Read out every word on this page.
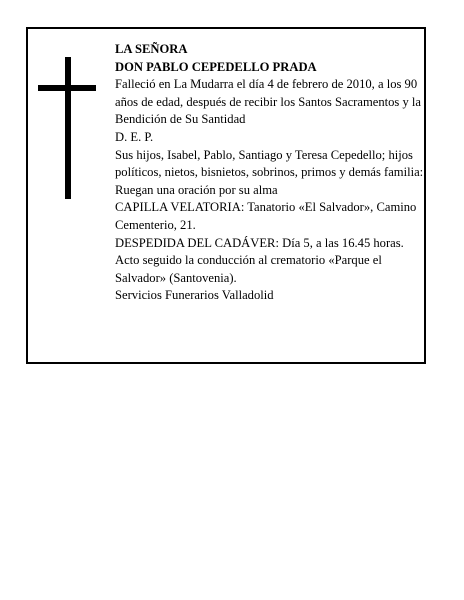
LA SEÑORA

DON PABLO CEPEDELLO PRADA

Falleció en La Mudarra el día 4 de febrero de 2010, a los 90 años de edad, después de recibir los Santos Sacramentos y la Bendición de Su Santidad

D. E. P.

Sus hijos, Isabel, Pablo, Santiago y Teresa Cepedello; hijos políticos, nietos, bisnietos, sobrinos, primos y demás familia:

Ruegan una oración por su alma

CAPILLA VELATORIA: Tanatorio «El Salvador», Camino Cementerio, 21.

DESPEDIDA DEL CADÁVER: Día 5, a las 16.45 horas. Acto seguido la conducción al crematorio «Parque el Salvador» (Santovenia).

Servicios Funerarios Valladolid
